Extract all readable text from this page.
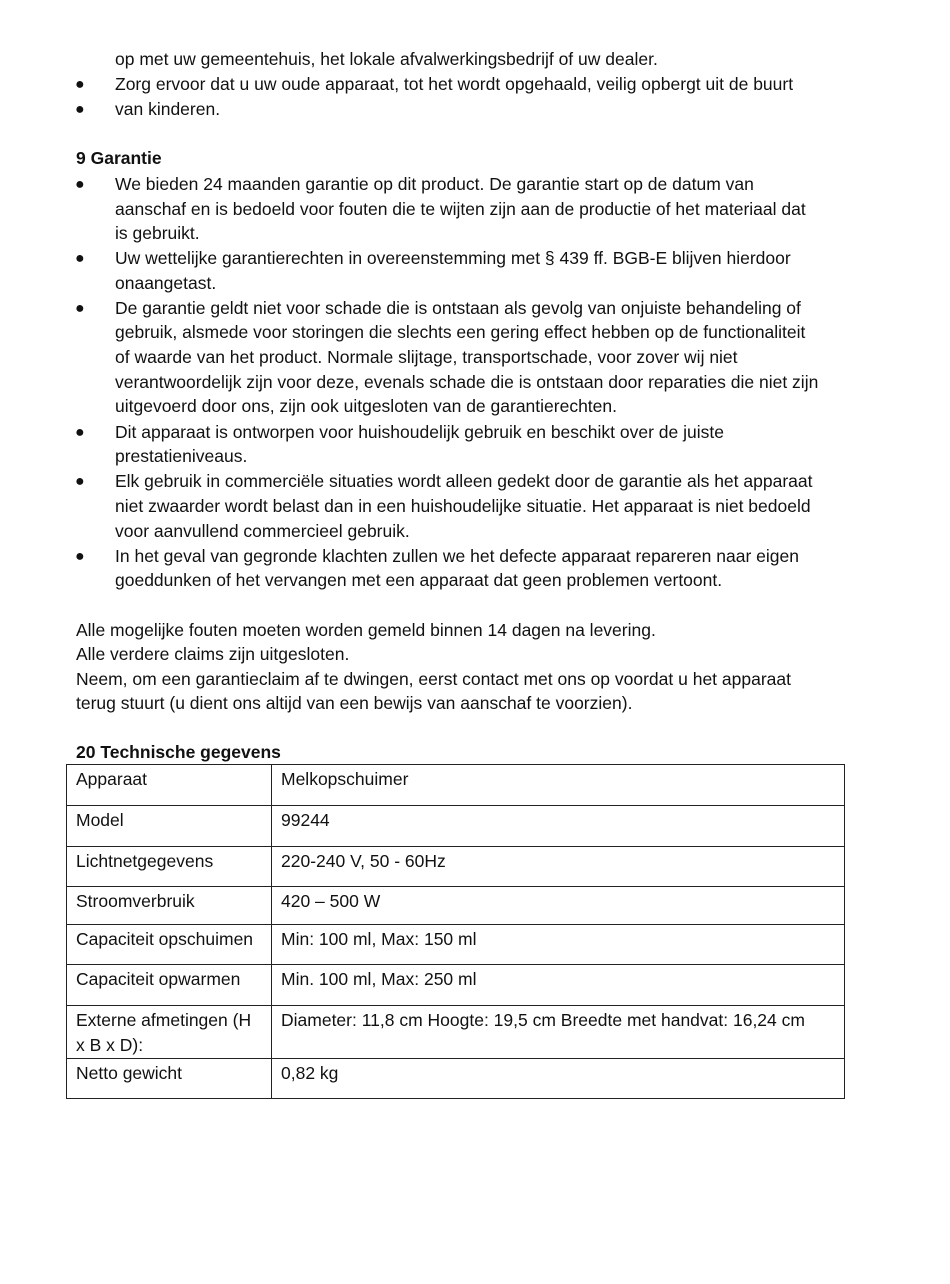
op met uw gemeentehuis, het lokale afvalwerkingsbedrijf of uw dealer.
● Zorg ervoor dat u uw oude apparaat, tot het wordt opgehaald, veilig opbergt uit de buurt
● van kinderen.
9 Garantie
● We bieden 24 maanden garantie op dit product. De garantie start op de datum van
aanschaf en is bedoeld voor fouten die te wijten zijn aan de productie of het materiaal dat
is gebruikt.
● Uw wettelijke garantierechten in overeenstemming met § 439 ff. BGB-E blijven hierdoor
onaangetast.
● De garantie geldt niet voor schade die is ontstaan als gevolg van onjuiste behandeling of
gebruik, alsmede voor storingen die slechts een gering effect hebben op de functionaliteit
of waarde van het product. Normale slijtage, transportschade, voor zover wij niet
verantwoordelijk zijn voor deze, evenals schade die is ontstaan door reparaties die niet zijn
uitgevoerd door ons, zijn ook uitgesloten van de garantierechten.
● Dit apparaat is ontworpen voor huishoudelijk gebruik en beschikt over de juiste
prestatieniveaus.
● Elk gebruik in commerciële situaties wordt alleen gedekt door de garantie als het apparaat
niet zwaarder wordt belast dan in een huishoudelijke situatie. Het apparaat is niet bedoeld
voor aanvullend commercieel gebruik.
● In het geval van gegronde klachten zullen we het defecte apparaat repareren naar eigen
goeddunken of het vervangen met een apparaat dat geen problemen vertoont.
Alle mogelijke fouten moeten worden gemeld binnen 14 dagen na levering.
Alle verdere claims zijn uitgesloten.
Neem, om een garantieclaim af te dwingen, eerst contact met ons op voordat u het apparaat
terug stuurt (u dient ons altijd van een bewijs van aanschaf te voorzien).
20 Technische gegevens
Apparaat	Melkopschuimer
Model	99244
Lichtnetgegevens	220-240 V, 50 - 60Hz
Stroomverbruik	420 – 500 W
Capaciteit opschuimen	Min: 100 ml, Max: 150 ml
Capaciteit opwarmen	Min. 100 ml, Max: 250 ml
Externe afmetingen (H x B x D):	Diameter: 11,8 cm Hoogte: 19,5 cm Breedte met handvat: 16,24 cm
Netto gewicht	0,82 kg
